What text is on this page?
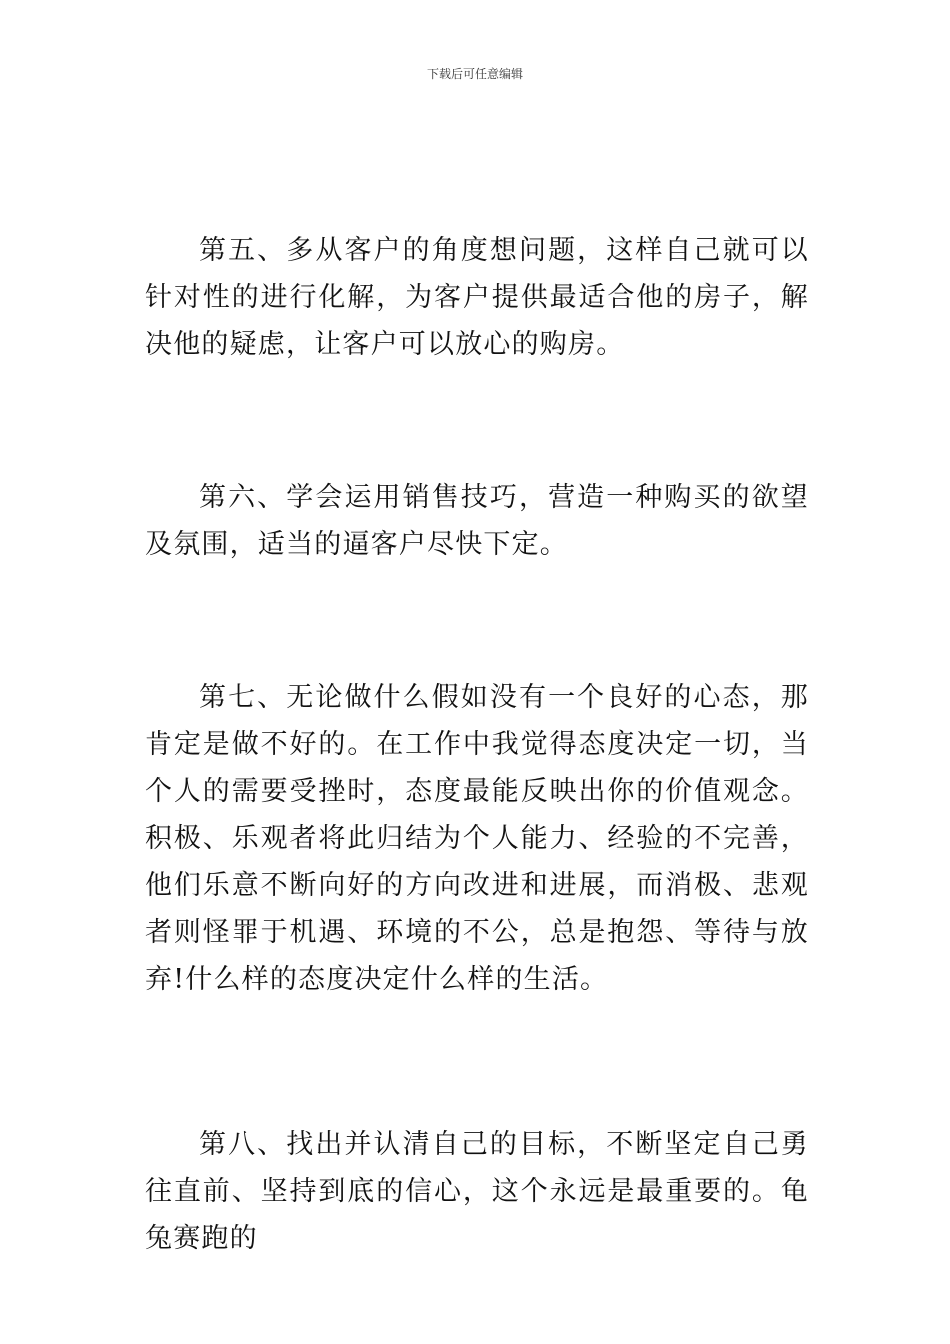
下载后可任意编辑

第五、多从客户的角度想问题，这样自己就可以针对性的进行化解，为客户提供最适合他的房子，解决他的疑虑，让客户可以放心的购房。

第六、学会运用销售技巧，营造一种购买的欲望及氛围，适当的逼客户尽快下定。

第七、无论做什么假如没有一个良好的心态，那肯定是做不好的。在工作中我觉得态度决定一切，当个人的需要受挫时，态度最能反映出你的价值观念。积极、乐观者将此归结为个人能力、经验的不完善，他们乐意不断向好的方向改进和进展，而消极、悲观者则怪罪于机遇、环境的不公，总是抱怨、等待与放弃!什么样的态度决定什么样的生活。

第八、找出并认清自己的目标，不断坚定自己勇往直前、坚持到底的信心，这个永远是最重要的。龟兔赛跑的
